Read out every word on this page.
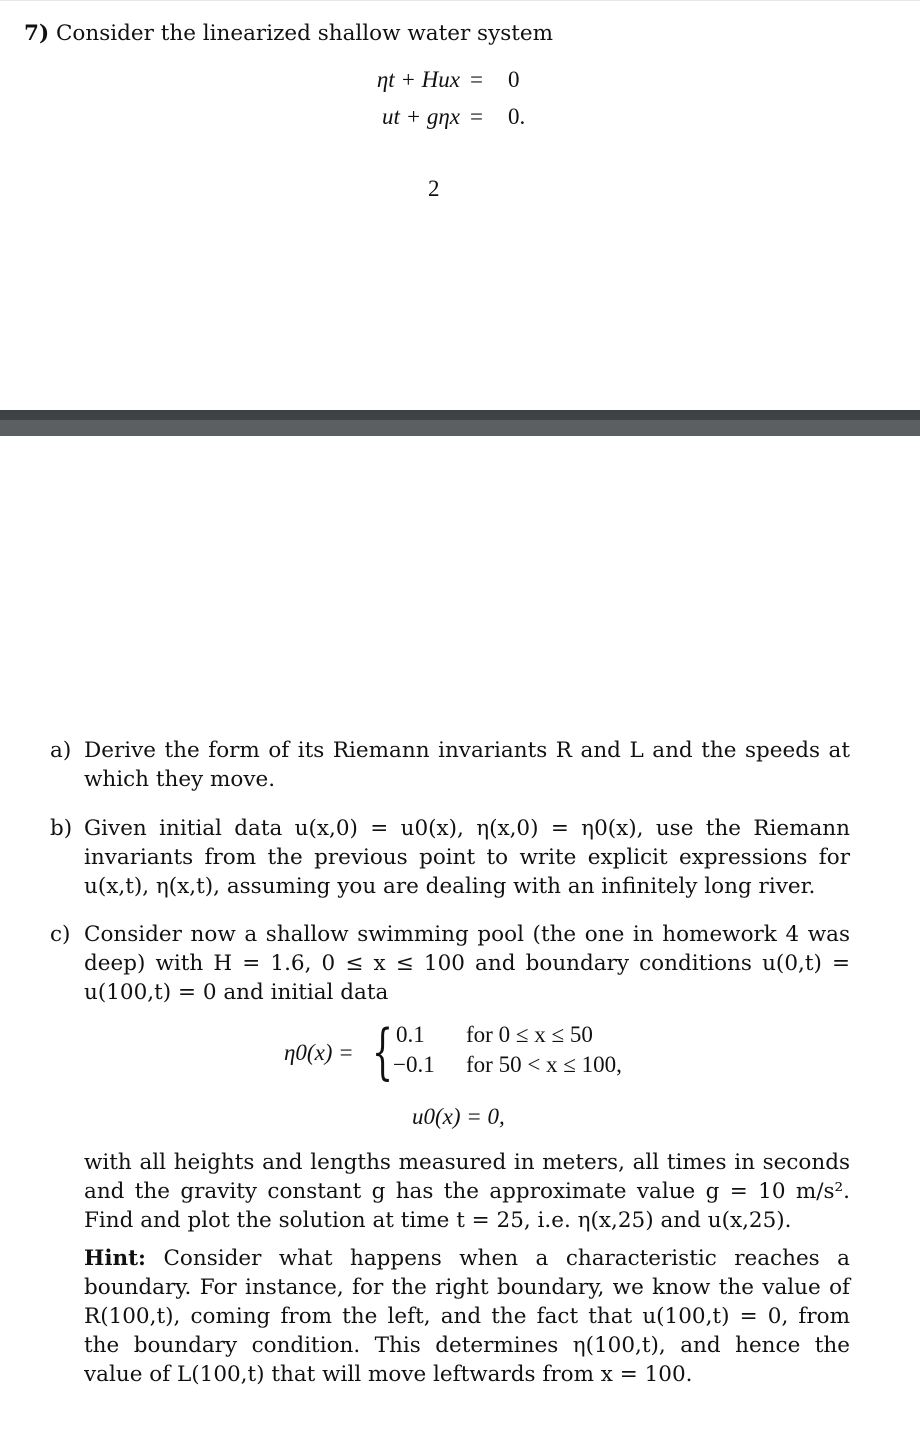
7) Consider the linearized shallow water system
ηt + Hux = 0
ut + gηx = 0.
2
a) Derive the form of its Riemann invariants R and L and the speeds at which they move.
b) Given initial data u(x,0) = u0(x), η(x,0) = η0(x), use the Riemann invariants from the previous point to write explicit expressions for u(x,t), η(x,t), assuming you are dealing with an infinitely long river.
c) Consider now a shallow swimming pool (the one in homework 4 was deep) with H = 1.6, 0 ≤ x ≤ 100 and boundary conditions u(0,t) = u(100,t) = 0 and initial data
η0(x) = { 0.1 for 0 ≤ x ≤ 50
−0.1 for 50 < x ≤ 100,
u0(x) = 0,
with all heights and lengths measured in meters, all times in seconds and the gravity constant g has the approximate value g = 10 m/s². Find and plot the solution at time t = 25, i.e. η(x,25) and u(x,25).
Hint: Consider what happens when a characteristic reaches a boundary. For instance, for the right boundary, we know the value of R(100,t), coming from the left, and the fact that u(100,t) = 0, from the boundary condition. This determines η(100,t), and hence the value of L(100,t) that will move leftwards from x = 100.
